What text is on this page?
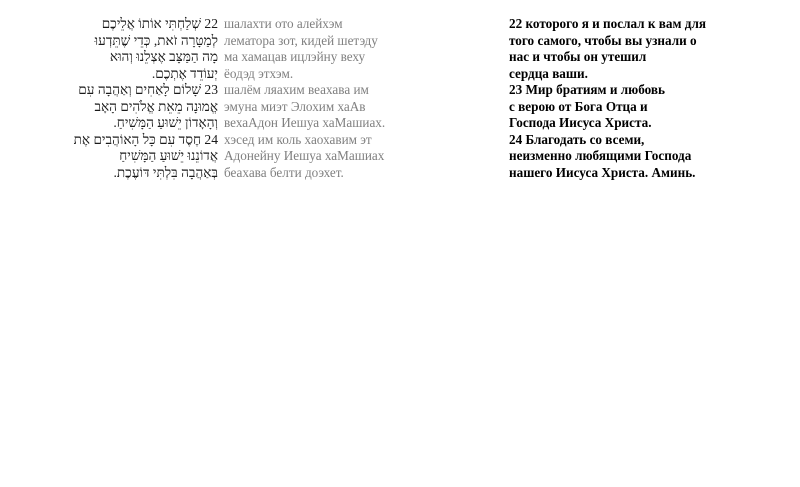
22 שְׁלַחְתִּי אוֹתוֹ אֲלֵיכֶם
לְמַטָּרָה זֹאת, כְּדֵי שֶׁתֵּדְעוּ
מָה הַמַּצָּב אֶצְלֵנוּ וְהוּא
יְעוֹדֵד אֶתְכֶם.
23 שָׁלוֹם לָאַחִים וְאַהֲבָה עִם
אֱמוּנָה מֵאֵת אֱלֹהִים הָאָב
וְהָאָדוֹן יֵשׁוּעַ הַמָּשִׁיחַ.
24 חֶסֶד עִם כָּל הָאוֹהֲבִים אֶת
אֲדוֹנֵנוּ יֵשׁוּעַ הַמָּשִׁיחַ
בְּאַהֲבָה בִּלְתִּי דּוֹעֶכֶת.
шалахти ото алейхэм
лематора зот, кидей шетэду
ма хамацав ицлэйну веху
ёодэд этхэм.
шалём ляахим веахава им
эмуна миэт Элохим хаАв
вехаАдон Иешуа хаМашиах.
хэсед им коль хаохавим эт
Адонейну Иешуа хаМашиах
беахава белти доэхет.
22 которого я и послал к вам для
того самого, чтобы вы узнали о
нас и чтобы он утешил
сердца ваши.
23 Мир братиям и любовь
с верою от Бога Отца и
Господа Иисуса Христа.
24 Благодать со всеми,
неизменно любящими Господа
нашего Иисуса Христа. Аминь.
